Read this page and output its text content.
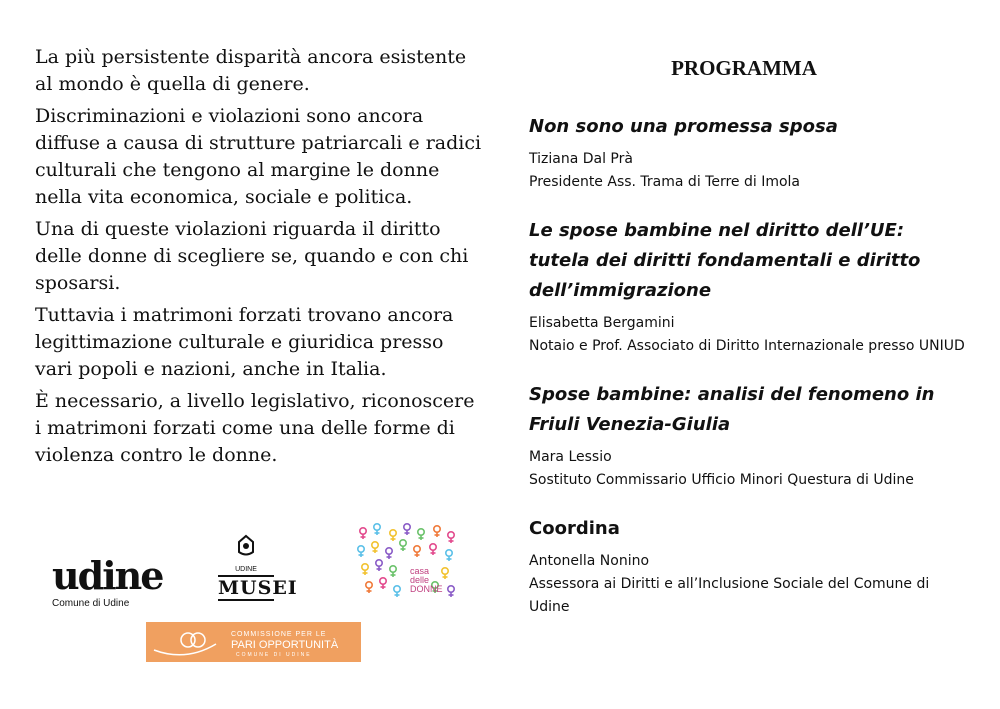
La più persistente disparità ancora esistente al mondo è quella di genere.

Discriminazioni e violazioni sono ancora diffuse a causa di strutture patriarcali e radici culturali che tengono al margine le donne nella vita economica, sociale e politica.

Una di queste violazioni riguarda il diritto delle donne di scegliere se, quando e con chi sposarsi.

Tuttavia i matrimoni forzati trovano ancora legittimazione culturale e giuridica presso vari popoli e nazioni, anche in Italia.

È necessario, a livello legislativo, riconoscere i matrimoni forzati come una delle forme di violenza contro le donne.

PROGRAMMA
Non sono una promessa sposa
Tiziana Dal Prà
Presidente Ass. Trama di Terre di Imola
Le spose bambine nel diritto dell’UE: tutela dei diritti fondamentali e diritto dell’immigrazione
Elisabetta Bergamini
Notaio e Prof. Associato di Diritto Internazionale presso UNIUD
Spose bambine: analisi del fenomeno in Friuli Venezia-Giulia
Mara Lessio
Sostituto Commissario Ufficio Minori Questura di Udine
Coordina
Antonella Nonino
Assessora ai Diritti e all’Inclusione Sociale del Comune di Udine
udine
Comune di Udine
UDINE
MUSEI
casa
delle
DONNE
COMMISSIONE PER LE
PARI OPPORTUNITÀ
COMUNE DI UDINE
